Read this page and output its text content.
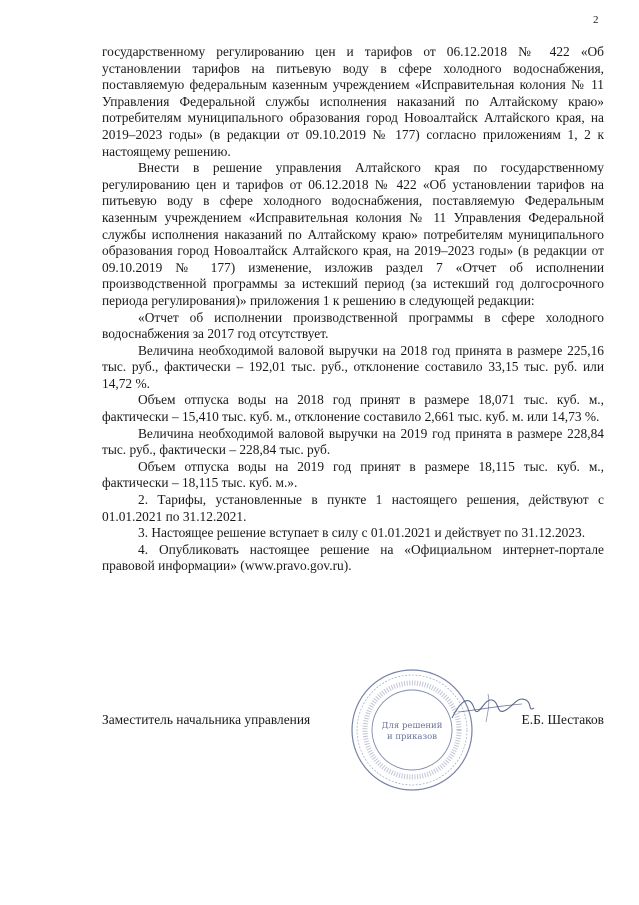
2

государственному регулированию цен и тарифов от 06.12.2018 № 422 «Об установлении тарифов на питьевую воду в сфере холодного водоснабжения, поставляемую федеральным казенным учреждением «Исправительная колония № 11 Управления Федеральной службы исполнения наказаний по Алтайскому краю» потребителям муниципального образования город Новоалтайск Алтайского края, на 2019–2023 годы» (в редакции от 09.10.2019 № 177) согласно приложениям 1, 2 к настоящему решению.

Внести в решение управления Алтайского края по государственному регулированию цен и тарифов от 06.12.2018 № 422 «Об установлении тарифов на питьевую воду в сфере холодного водоснабжения, поставляемую Федеральным казенным учреждением «Исправительная колония № 11 Управления Федеральной службы исполнения наказаний по Алтайскому краю» потребителям муниципального образования город Новоалтайск Алтайского края, на 2019–2023 годы» (в редакции от 09.10.2019 № 177) изменение, изложив раздел 7 «Отчет об исполнении производственной программы за истекший период (за истекший год долгосрочного периода регулирования)» приложения 1 к решению в следующей редакции:

«Отчет об исполнении производственной программы в сфере холодного водоснабжения за 2017 год отсутствует.

Величина необходимой валовой выручки на 2018 год принята в размере 225,16 тыс. руб., фактически – 192,01 тыс. руб., отклонение составило 33,15 тыс. руб. или 14,72 %.

Объем отпуска воды на 2018 год принят в размере 18,071 тыс. куб. м., фактически – 15,410 тыс. куб. м., отклонение составило 2,661 тыс. куб. м. или 14,73 %.

Величина необходимой валовой выручки на 2019 год принята в размере 228,84 тыс. руб., фактически – 228,84 тыс. руб.

Объем отпуска воды на 2019 год принят в размере 18,115 тыс. куб. м., фактически – 18,115 тыс. куб. м.».

2. Тарифы, установленные в пункте 1 настоящего решения, действуют с 01.01.2021 по 31.12.2021.

3. Настоящее решение вступает в силу с 01.01.2021 и действует по 31.12.2023.

4. Опубликовать настоящее решение на «Официальном интернет-портале правовой информации» (www.pravo.gov.ru).

Для решений
и приказов
Заместитель начальника управления	Е.Б. Шестаков
